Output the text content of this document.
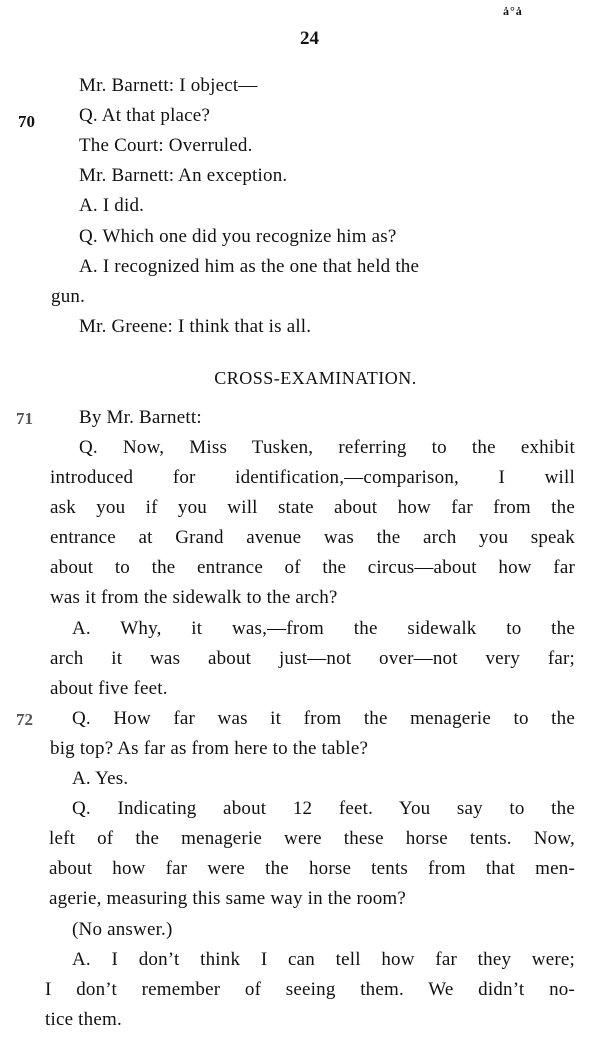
ȧ°ȧ
24
CROSS-EXAMINATION.
70
71
72
Mr. Barnett: I object—
Q. At that place?
The Court: Overruled.
Mr. Barnett: An exception.
A. I did.
Q. Which one did you recognize him as?
A. I recognized him as the one that held the
gun.
Mr. Greene: I think that is all.
By Mr. Barnett:
Q. Now, Miss Tusken, referring to the exhibit
introduced for identification,—comparison, I will
ask you if you will state about how far from the
entrance at Grand avenue was the arch you speak
about to the entrance of the circus—about how far
was it from the sidewalk to the arch?
A. Why, it was,—from the sidewalk to the
arch it was about just—not over—not very far;
about five feet.
Q. How far was it from the menagerie to the
big top? As far as from here to the table?
A. Yes.
Q. Indicating about 12 feet. You say to the
left of the menagerie were these horse tents. Now,
about how far were the horse tents from that men-
agerie, measuring this same way in the room?
(No answer.)
A. I don’t think I can tell how far they were;
I don’t remember of seeing them. We didn’t no-
tice them.
